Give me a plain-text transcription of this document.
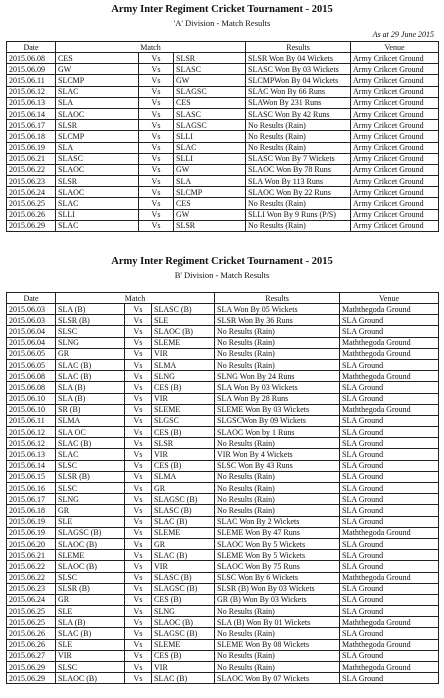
Army Inter Regiment Cricket Tournament - 2015
'A' Division - Match Results
As at 29 June 2015
Date	Match			Results	Venue
2015.06.08	CES	Vs	SLSR	SLSR Won By 04 Wickets	Army Crikcet Ground
2015.06.09	GW	Vs	SLASC	SLASC Won By 03 Wickets	Army Crikcet Ground
2015.06.11	SLCMP	Vs	GW	SLCMPWon By 04 Wickets	Army Crikcet Ground
2015.06.12	SLAC	Vs	SLAGSC	SLAC Won By 66 Runs	Army Crikcet Ground
2015.06.13	SLA	Vs	CES	SLAWon By 231 Runs	Army Crikcet Ground
2015.06.14	SLAOC	Vs	SLASC	SLASC Won By 42 Runs	Army Crikcet Ground
2015.06.17	SLSR	Vs	SLAGSC	No Results (Rain)	Army Crikcet Ground
2015.06.18	SLCMP	Vs	SLLI	No Results (Rain)	Army Crikcet Ground
2015.06.19	SLA	Vs	SLAC	No Results (Rain)	Army Crikcet Ground
2015.06.21	SLASC	Vs	SLLI	SLASC Won By 7 Wickets	Army Crikcet Ground
2015.06.22	SLAOC	Vs	GW	SLAOC Won By 78 Runs	Army Crikcet Ground
2015.06.23	SLSR	Vs	SLA	SLA Won By 113 Runs	Army Crikcet Ground
2015.06.24	SLAOC	Vs	SLCMP	SLAOC Won By 22 Runs	Army Crikcet Ground
2015.06.25	SLAC	Vs	CES	No Results (Rain)	Army Crikcet Ground
2015.06.26	SLLI	Vs	GW	SLLI Won By 9 Runs (P/S)	Army Crikcet Ground
2015.06.29	SLAC	Vs	SLSR	No Results (Rain)	Army Crikcet Ground
Army Inter Regiment Cricket Tournament - 2015
B' Division - Match Results
Date	Match			Results	Venue
2015.06.03	SLA (B)	Vs	SLASC (B)	SLA Won By 05 Wickets	Maththegoda Ground
2015.06.03	SLSR (B)	Vs	SLE	SLSR Won By 36 Runs	SLA Ground
2015.06.04	SLSC	Vs	SLAOC (B)	No Results (Rain)	SLA Ground
2015.06.04	SLNG	Vs	SLEME	No Results (Rain)	Maththegoda Ground
2015.06.05	GR	Vs	VIR	No Results (Rain)	Maththegoda Ground
2015.06.05	SLAC (B)	Vs	SLMA	No Results (Rain)	SLA Ground
2015.06.08	SLAC (B)	Vs	SLNG	SLNG Won By 24 Runs	Maththegoda Ground
2015.06.08	SLA (B)	Vs	CES (B)	SLA Won By 03 Wickets	SLA Ground
2015.06.10	SLA (B)	Vs	VIR	SLA Won By 28 Runs	SLA Ground
2015.06.10	SR (B)	Vs	SLEME	SLEME Won By 03 Wickets	Maththegoda Ground
2015.06.11	SLMA	Vs	SLGSC	SLGSCWon By 09 Wickets	SLA Ground
2015.06.12	SLA OC	Vs	CES (B)	SLAOC Won by 1 Runs	SLA Ground
2015.06.12	SLAC (B)	Vs	SLSR	No Results (Rain)	SLA Ground
2015.06.13	SLAC	Vs	VIR	VIR Won By 4 Wickets	SLA Ground
2015.06.14	SLSC	Vs	CES (B)	SLSC Won By 43 Runs	SLA Ground
2015.06.15	SLSR (B)	Vs	SLMA	No Results (Rain)	SLA Ground
2015.06.16	SLSC	Vs	GR	No Results (Rain)	SLA Ground
2015.06.17	SLNG	Vs	SLAGSC (B)	No Results (Rain)	SLA Ground
2015.06.18	GR	Vs	SLASC (B)	No Results (Rain)	SLA Ground
2015.06.19	SLE	Vs	SLAC (B)	SLAC Won By 2 Wickets	SLA Ground
2015.06.19	SLAGSC (B)	Vs	SLEME	SLEME Won By 47 Runs	Maththegoda Ground
2015.06.20	SLAOC (B)	Vs	GR	SLAOC Won By 5 Wickets	SLA Ground
2015.06.21	SLEME	Vs	SLAC (B)	SLEME Won By 5 Wickets	SLA Ground
2015.06.22	SLAOC (B)	Vs	VIR	SLAOC Won By 75 Runs	SLA Ground
2015.06.22	SLSC	Vs	SLASC (B)	SLSC Won By 6 Wickets	Maththegoda Ground
2015.06.23	SLSR (B)	Vs	SLAGSC (B)	SLSR (B) Won By 03 Wickets	SLA Ground
2015.06.24	GR	Vs	CES (B)	GR (B) Won By 03 Wickets	SLA Ground
2015.06.25	SLE	Vs	SLNG	No Results (Rain)	SLA Ground
2015.06.25	SLA (B)	Vs	SLAOC (B)	SLA (B) Won By 01 Wickets	Maththegoda Ground
2015.06.26	SLAC (B)	Vs	SLAGSC (B)	No Results (Rain)	SLA Ground
2015.06.26	SLE	Vs	SLEME	SLEME Won By 08 Wickets	Maththegoda Ground
2015.06.27	VIR	Vs	CES (B)	No Results (Rain)	SLA Ground
2015.06.29	SLSC	Vs	VIR	No Results (Rain)	Maththegoda Ground
2015.06.29	SLAOC (B)	Vs	SLAC (B)	SLAOC Won By 07 Wickets	SLA Ground
